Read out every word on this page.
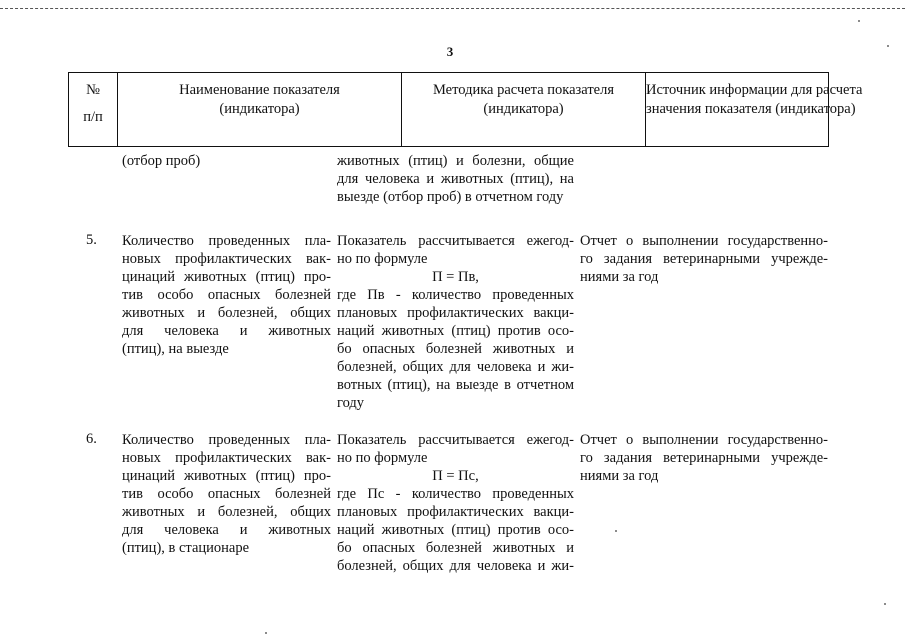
3
№
п/п
Наименование показателя
(индикатора)
Методика расчета показателя
(индикатора)
Источник информации для расчета
значения показателя (индикатора)
(отбор проб)	животных (птиц) и болезни, общие
для человека и животных (птиц), на
выезде (отбор проб) в отчетном году
5. Количество проведенных пла-
новых профилактических вак-
цинаций животных (птиц) про-
тив особо опасных болезней
животных и болезней, общих
для человека и животных
(птиц), на выезде
Показатель рассчитывается ежегод-
но по формуле
П = Пв,
где Пв - количество проведенных
плановых профилактических вакци-
наций животных (птиц) против осо-
бо опасных болезней животных и
болезней, общих для человека и жи-
вотных (птиц), на выезде в отчетном
году
Отчет о выполнении государственно-
го задания ветеринарными учрежде-
ниями за год
6. Количество проведенных пла-
новых профилактических вак-
цинаций животных (птиц) про-
тив особо опасных болезней
животных и болезней, общих
для человека и животных
(птиц), в стационаре
Показатель рассчитывается ежегод-
но по формуле
П = Пс,
где Пс - количество проведенных
плановых профилактических вакци-
наций животных (птиц) против осо-
бо опасных болезней животных и
болезней, общих для человека и жи-
Отчет о выполнении государственно-
го задания ветеринарными учрежде-
ниями за год
